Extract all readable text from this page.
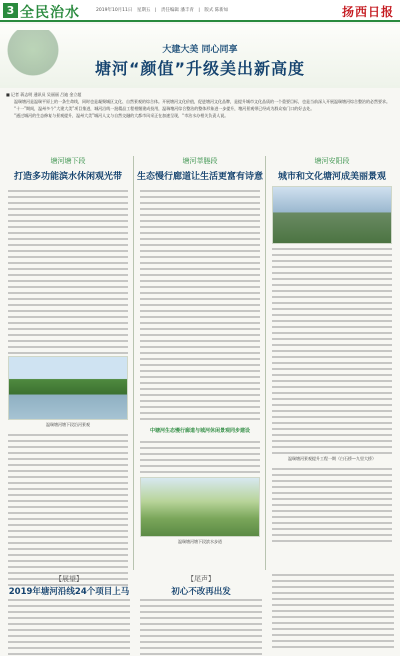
3 全民治水	2019年10月11日　星期五　|　责任编辑 潘丰青　|　版式 陈新如	扬西日报
大建大美 同心同享
塘河“颜值”升级美出新高度
■ 记者 蒋志明 通讯员 吴丽丽 吕迪 金立超

温瑞塘河是温瑞平原上的一条生命线，同时也是凝聚城区文化、自然景观的综合体。开展塘河文化价值，促进塘河文化品牌，是提升城市文化品质的一个重要目标，也是当前深入开展温瑞塘河综合整治的必然要求。

“十一”期间，温州多个“大建大美”项目推进，城河沿线一批精品工程相继建成投用，温瑞塘河综合整治的整体形象进一步提升，塘河景观带已经成为群众家门口的好去处。

“通过城河的生态修复与景观提升，温州大美”城河人文与自然交融的大都市风采正在加速呈现，“市治水办相关负责人说。

塘河塘下段
打造多功能滨水休闲观光带
温瑞塘河塘下段沿河景观
塘河莘塍段
生态慢行廊道让生活更富有诗意
中塘河生态慢行廊道与城河休闲景观同步建设
温瑞塘河塘下段滨水步道
塘河安阳段
城市和文化塘河成美丽景观
温瑞塘河景观提升工程一期（白石桥—九里大桥）
【展望】
2019年塘河沿线24个项目上马
【尾声】
初心不改再出发
